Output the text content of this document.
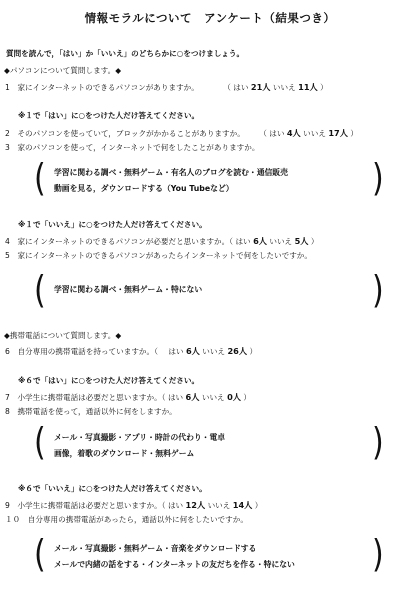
情報モラルについて　アンケート（結果つき）
質問を読んで，「はい」か「いいえ」のどちらかに○をつけましょう。
◆パソコンについて質問します。◆
1　 家にインターネットのできるパソコンがありますか。	（ はい 21人 いいえ 11人 ）
※１で「はい」に○をつけた人だけ答えてください。
2　 そのパソコンを使っていて，ブロックがかかることがありますか。 （ はい 4人 いいえ 17人 ）
3　 家のパソコンを使って，インターネットで何をしたことがありますか。
( 学習に関わる調べ・無料ゲーム・有名人のブログを読む・通信販売
動画を見る，ダウンロードする（You Tubeなど）	)
※１で「いいえ」に○をつけた人だけ答えてください。
4　 家にインターネットのできるパソコンが必要だと思いますか。（ はい 6人 いいえ 5人 ）
5　 家にインターネットのできるパソコンがあったらインターネットで何をしたいですか。
( 学習に関わる調べ・無料ゲーム・特にない	)
◆携帯電話について質問します。◆
6　 自分専用の携帯電話を持っていますか。（ はい 6人 いいえ 26人 ）
※６で「はい」に○をつけた人だけ答えてください。
7　 小学生に携帯電話は必要だと思いますか。（ はい 6人 いいえ 0人 ）
8　 携帯電話を使って，通話以外に何をしますか。
( メール・写真撮影・アプリ・時計の代わり・電卓
画像，着歌のダウンロード・無料ゲーム	)
※６で「いいえ」に○をつけた人だけ答えてください。
9　 小学生に携帯電話は必要だと思いますか。（ はい 12人 いいえ 14人 ）
１０　 自分専用の携帯電話があったら，通話以外に何をしたいですか。
( メール・写真撮影・無料ゲーム・音楽をダウンロードする
メールで内緒の話をする・インターネットの友だちを作る・特にない	)
